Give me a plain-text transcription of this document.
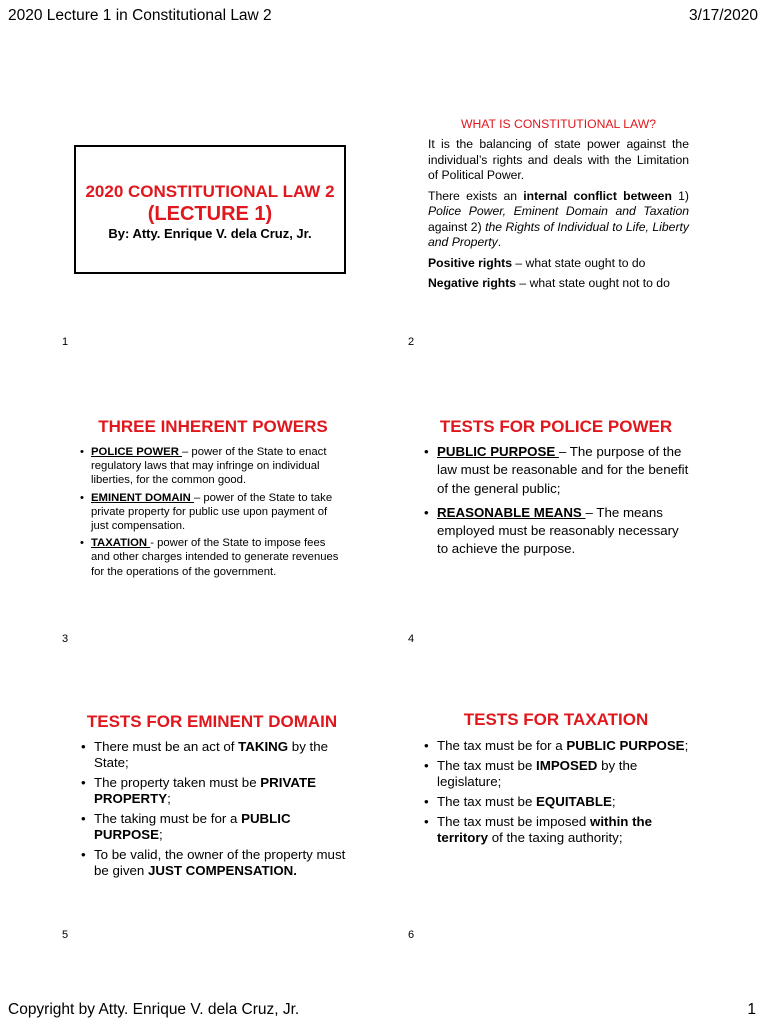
2020 Lecture 1 in Constitutional Law 2	3/17/2020
2020 CONSTITUTIONAL LAW 2
(LECTURE 1)
By: Atty. Enrique V. dela Cruz, Jr.
1
WHAT IS CONSTITUTIONAL LAW?

It is the balancing of state power against the individual’s rights and deals with the Limitation of Political Power.

There exists an internal conflict between 1) Police Power, Eminent Domain and Taxation against 2) the Rights of Individual to Life, Liberty and Property.

Positive rights – what state ought to do

Negative rights – what state ought not to do

2
THREE INHERENT POWERS
• POLICE POWER – power of the State to enact regulatory laws that may infringe on individual liberties, for the common good.
• EMINENT DOMAIN – power of the State to take private property for public use upon payment of just compensation.
• TAXATION - power of the State to impose fees and other charges intended to generate revenues for the operations of the government.
3
TESTS FOR POLICE POWER
• PUBLIC PURPOSE – The purpose of the law must be reasonable and for the benefit of the general public;
• REASONABLE MEANS – The means employed must be reasonably necessary to achieve the purpose.
4
TESTS FOR EMINENT DOMAIN
• There must be an act of TAKING by the State;
• The property taken must be PRIVATE PROPERTY;
• The taking must be for a PUBLIC PURPOSE;
• To be valid, the owner of the property must be given JUST COMPENSATION.
5
TESTS FOR TAXATION
• The tax must be for a PUBLIC PURPOSE;
• The tax must be IMPOSED by the legislature;
• The tax must be EQUITABLE;
• The tax must be imposed within the territory of the taxing authority;
6
Copyright by Atty. Enrique V. dela Cruz, Jr.	1
